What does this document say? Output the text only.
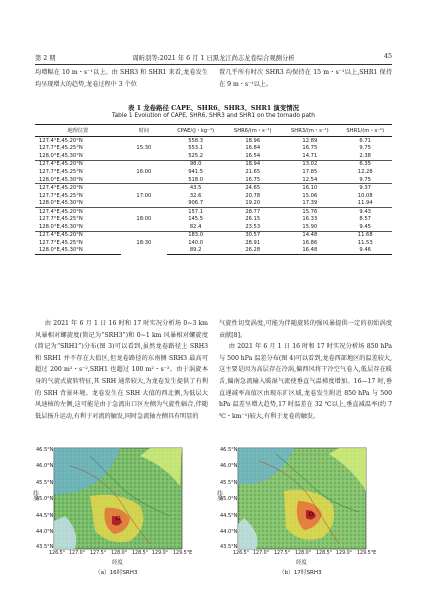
第 2 期	周昕羽等:2021 年 6 月 1 日黑龙江尚志龙卷综合观测分析	45

均增幅在 10 m・s⁻¹以上。由 SHR3 和 SHR1 来看,龙卷发生均呈现增大的趋势,龙卷过程中 3 个位

置几乎所有时次 SHR3 均保持在 15 m・s⁻¹以上,SHR1 保持在 9 m・s⁻¹以上。

表 1 龙卷路径 CAPE、SHR6、SHR3、SHR1 演变情况
Table 1 Evolution of CAPE, SHR6, SHR3 and SHR1 on the tornado path
地理位置	时间	CPAE/(J・kg⁻¹)	SHR6/(m・s⁻¹)	SHR3/(m・s⁻¹)	SHR1/(m・s⁻¹)
127.4°E,45.20°N	15:30	558.3	18.96	12.89	6.71
127.7°E,45.25°N		553.1	16.84	16.75	9.75
128.0°E,45.30°N		525.2	16.54	14.71	2.38
127.4°E,45.20°N	16:00	98.0	18.94	13.02	6.35
127.7°E,45.25°N		941.5	21.65	17.85	12.28
128.0°E,45.30°N		518.0	16.75	12.54	9.75
127.4°E,45.20°N	17:00	43.5	24.65	16.10	9.37
127.7°E,45.25°N		32.6	20.78	15.06	10.08
128.0°E,45.30°N		906.7	19.20	17.39	11.94
127.4°E,45.20°N	18:00	157.1	28.77	15.76	9.43
127.7°E,45.25°N		145.5	26.15	16.33	8.57
128.0°E,45.30°N		82.4	23.53	15.90	9.45
127.4°E,45.20°N	18:30	183.0	30.57	14.48	11.68
127.7°E,45.25°N		140.0	28.91	16.86	11.53
128.0°E,45.30°N		89.2	26.28	16.48	9.46

由 2021 年 6 月 1 日 16 时和 17 时实况分析场 0~3 km 风暴相对螺旋度(简记为“SRH3”)和 0~1 km 风暴相对螺旋度(简记为“SRH1”)分布(图 3)可以看到,虽然龙卷路径上 SRH3 和 SRH1 并不存在大值区,但龙卷路径的东南侧 SRH3 最高可超过 200 m²・s⁻²,SRH1 也超过 100 m²・s⁻²。由于涡旋本身的气旋式旋转特征,其 SRH 通常较大,为龙卷发生提供了有利的 SRH 背景环境。龙卷发生在 SRH 大值的西北侧,为低层大风速核的左侧,这可能是由于急流出口区左侧为气旋性辐合,伴随低层扬升运动,有利于对流的触发,同时急流轴左侧具有明显的

气旋性切变涡度,可能为伴随旋转的强风暴提供一定的初始涡度贡献[8]。

由 2021 年 6 月 1 日 16 时和 17 时实况分析场 850 hPa 与 500 hPa 温差分布(图 4)可以看到,龙卷西部地区的温差较大,这主要是因为高层存在冷涡,偏西风将干冷空气卷入,低层存在暖舌,偏南急流输入暖湿气流使垂直气温梯度增加。16—17 时,垂直递减率高值区由现东扩区域,龙卷发生附近 850 hPa 与 500 hPa 温差呈增大趋势,17 时温差在 32 ℃以上,垂直减温率(约 7 ℃・km⁻¹)较大,有利于龙卷的触发。

纬度
46.5°N
46.0°N
45.5°N
45.0°N
44.5°N
44.0°N
43.5°N
126.5° 127.0° 127.5° 128.0° 128.5° 129.0° 129.5°E
经度
（a）16时SRH3
纬度
46.5°N
46.0°N
45.5°N
45.0°N
44.5°N
44.0°N
43.5°N
126.5° 127.0° 127.5° 128.0° 128.5° 129.0° 129.5°E
经度
（b）17时SRH3
